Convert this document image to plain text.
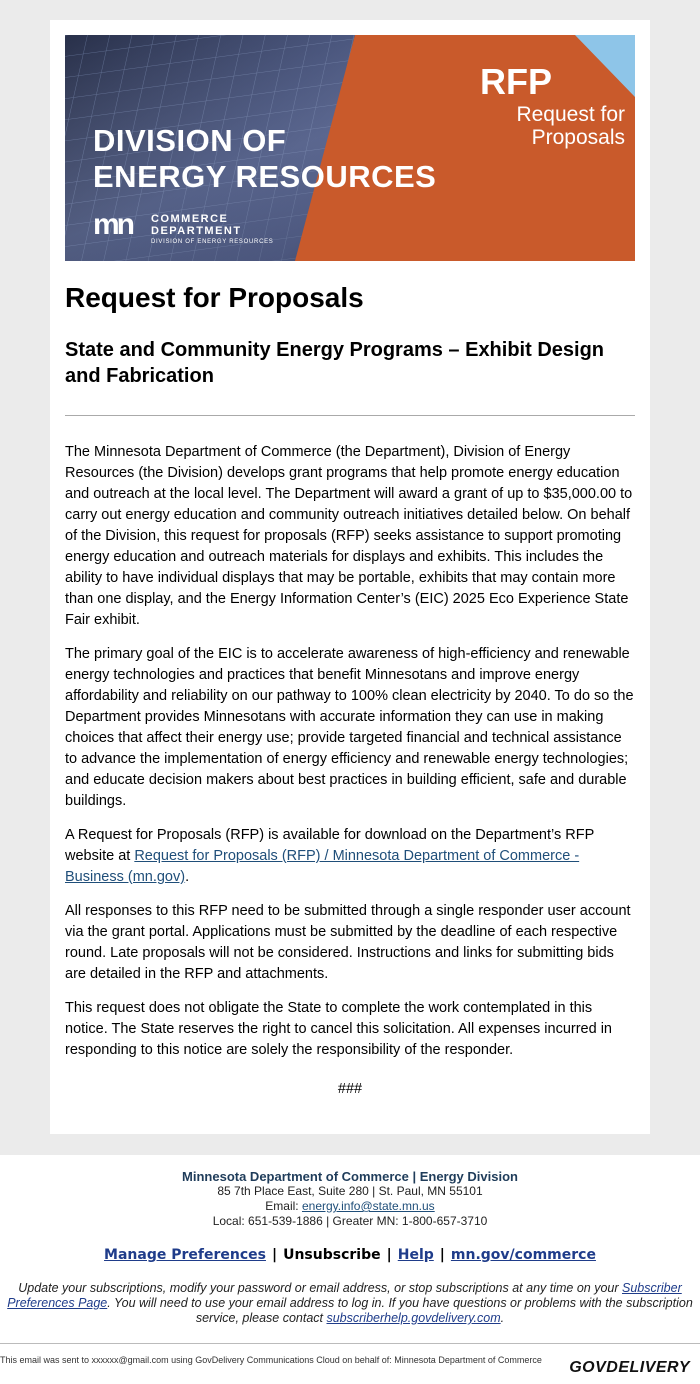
DIVISION OF
ENERGY RESOURCES
mn	COMMERCE
DEPARTMENT
DIVISION OF ENERGY RESOURCES
RFP
Request for Proposals
Request for Proposals
State and Community Energy Programs – Exhibit Design and Fabrication

The Minnesota Department of Commerce (the Department), Division of Energy Resources (the Division) develops grant programs that help promote energy education and outreach at the local level. The Department will award a grant of up to $35,000.00 to carry out energy education and community outreach initiatives detailed below. On behalf of the Division, this request for proposals (RFP) seeks assistance to support promoting energy education and outreach materials for displays and exhibits. This includes the ability to have individual displays that may be portable, exhibits that may contain more than one display, and the Energy Information Center’s (EIC) 2025 Eco Experience State Fair exhibit.

The primary goal of the EIC is to accelerate awareness of high-efficiency and renewable energy technologies and practices that benefit Minnesotans and improve energy affordability and reliability on our pathway to 100% clean electricity by 2040. To do so the Department provides Minnesotans with accurate information they can use in making choices that affect their energy use; provide targeted financial and technical assistance to advance the implementation of energy efficiency and renewable energy technologies; and educate decision makers about best practices in building efficient, safe and durable buildings.

A Request for Proposals (RFP) is available for download on the Department’s RFP website at Request for Proposals (RFP) / Minnesota Department of Commerce - Business (mn.gov).

All responses to this RFP need to be submitted through a single responder user account via the grant portal. Applications must be submitted by the deadline of each respective round. Late proposals will not be considered. Instructions and links for submitting bids are detailed in the RFP and attachments.

This request does not obligate the State to complete the work contemplated in this notice. The State reserves the right to cancel this solicitation. All expenses incurred in responding to this notice are solely the responsibility of the responder.

###
Minnesota Department of Commerce | Energy Division
85 7th Place East, Suite 280 | St. Paul, MN 55101
Email: energy.info@state.mn.us
Local: 651-539-1886 | Greater MN: 1-800-657-3710
Manage Preferences | Unsubscribe | Help | mn.gov/commerce
Update your subscriptions, modify your password or email address, or stop subscriptions at any time on your Subscriber Preferences Page. You will need to use your email address to log in. If you have questions or problems with the subscription service, please contact subscriberhelp.govdelivery.com.
This email was sent to xxxxxx@gmail.com using GovDelivery Communications Cloud on behalf of: Minnesota Department of Commerce	GOVDELIVERY
